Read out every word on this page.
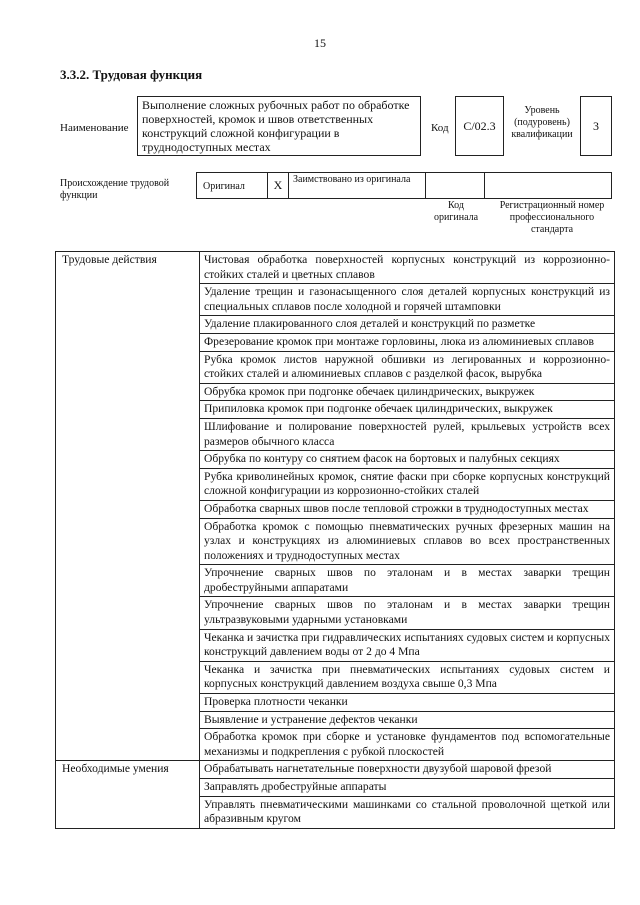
15
3.3.2. Трудовая функция
Наименование
Выполнение сложных рубочных работ по обработке поверхностей, кромок и швов ответственных конструкций сложной конфигурации в труднодоступных местах
Код	С/02.3
Уровень (подуровень) квалификации
3
Происхождение трудовой функции
Оригинал	X	Заимствовано из оригинала
Код оригинала
Регистрационный номер профессионального стандарта
Трудовые действия	Чистовая обработка поверхностей корпусных конструкций из коррозионно-стойких сталей и цветных сплавов
	Удаление трещин и газонасыщенного слоя деталей корпусных конструкций из специальных сплавов после холодной и горячей штамповки
	Удаление плакированного слоя деталей и конструкций по разметке
	Фрезерование кромок при монтаже горловины, люка из алюминиевых сплавов
	Рубка кромок листов наружной обшивки из легированных и коррозионно-стойких сталей и алюминиевых сплавов с разделкой фасок, вырубка
	Обрубка кромок при подгонке обечаек цилиндрических, выкружек
	Припиловка кромок при подгонке обечаек цилиндрических, выкружек
	Шлифование и полирование поверхностей рулей, крыльевых устройств всех размеров обычного класса
	Обрубка по контуру со снятием фасок на бортовых и палубных секциях
	Рубка криволинейных кромок, снятие фаски при сборке корпусных конструкций сложной конфигурации из коррозионно-стойких сталей
	Обработка сварных швов после тепловой строжки в труднодоступных местах
	Обработка кромок с помощью пневматических ручных фрезерных машин на узлах и конструкциях из алюминиевых сплавов во всех пространственных положениях и труднодоступных местах
	Упрочнение сварных швов по эталонам и в местах заварки трещин дробеструйными аппаратами
	Упрочнение сварных швов по эталонам и в местах заварки трещин ультразвуковыми ударными установками
	Чеканка и зачистка при гидравлических испытаниях судовых систем и корпусных конструкций давлением воды от 2 до 4 Мпа
	Чеканка и зачистка при пневматических испытаниях судовых систем и корпусных конструкций давлением воздуха свыше 0,3 Мпа
	Проверка плотности чеканки
	Выявление и устранение дефектов чеканки
	Обработка кромок при сборке и установке фундаментов под вспомогательные механизмы и подкрепления с рубкой плоскостей
Необходимые умения	Обрабатывать нагнетательные поверхности двузубой шаровой фрезой
	Заправлять дробеструйные аппараты
	Управлять пневматическими машинками со стальной проволочной щеткой или абразивным кругом
